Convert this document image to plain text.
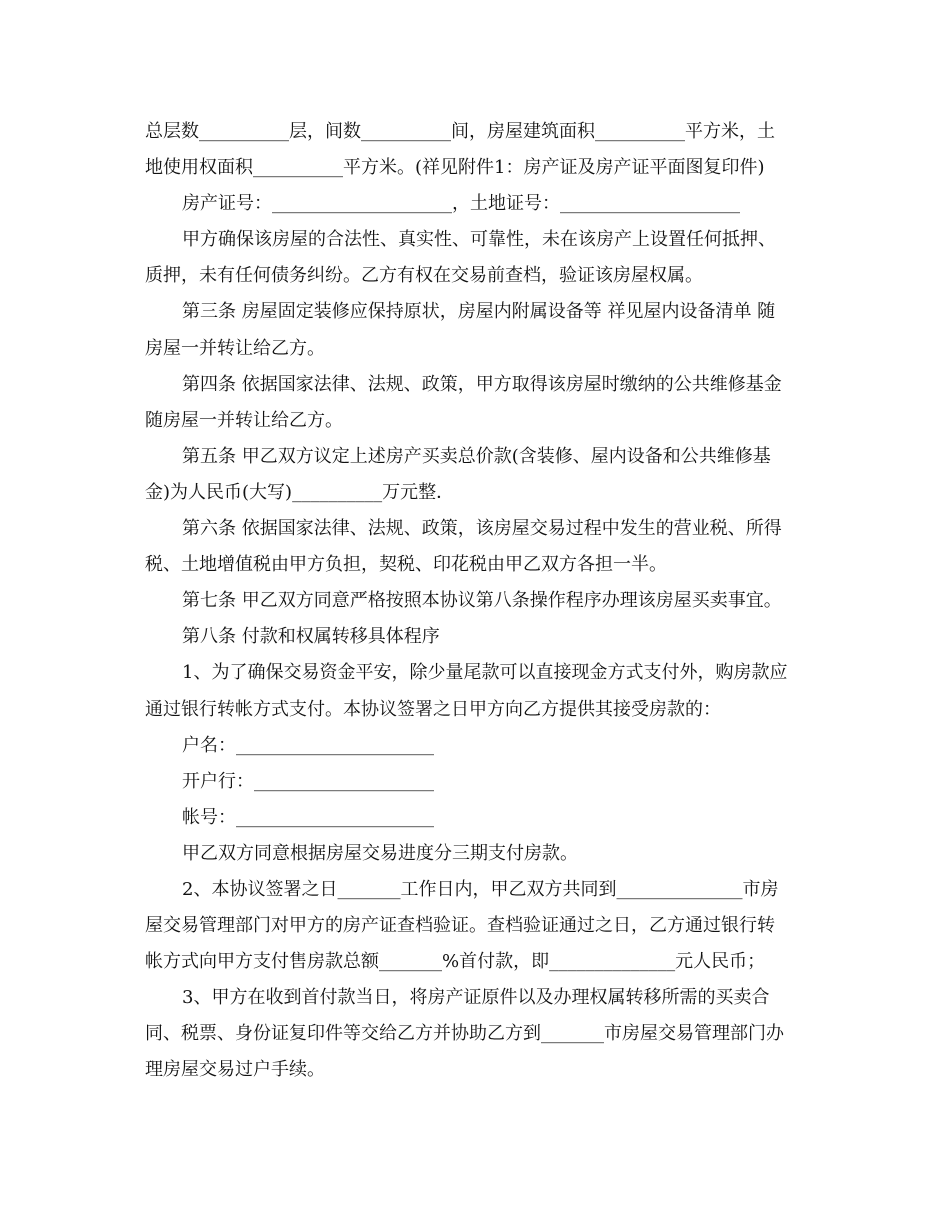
总层数__________层，间数__________间，房屋建筑面积__________平方米，土
地使用权面积__________平方米。(祥见附件1：房产证及房产证平面图复印件)
房产证号：____________________，土地证号：____________________
甲方确保该房屋的合法性、真实性、可靠性，未在该房产上设置任何抵押、
质押，未有任何债务纠纷。乙方有权在交易前查档，验证该房屋权属。
第三条 房屋固定装修应保持原状，房屋内附属设备等 祥见屋内设备清单 随
房屋一并转让给乙方。
第四条 依据国家法律、法规、政策，甲方取得该房屋时缴纳的公共维修基金
随房屋一并转让给乙方。
第五条 甲乙双方议定上述房产买卖总价款(含装修、屋内设备和公共维修基
金)为人民币(大写)__________万元整．
第六条 依据国家法律、法规、政策，该房屋交易过程中发生的营业税、所得
税、土地增值税由甲方负担，契税、印花税由甲乙双方各担一半。
第七条 甲乙双方同意严格按照本协议第八条操作程序办理该房屋买卖事宜。
第八条 付款和权属转移具体程序
1、为了确保交易资金平安，除少量尾款可以直接现金方式支付外，购房款应
通过银行转帐方式支付。本协议签署之日甲方向乙方提供其接受房款的：
户名：______________________
开户行：____________________
帐号：______________________
甲乙双方同意根据房屋交易进度分三期支付房款。
2、本协议签署之日_______工作日内，甲乙双方共同到______________市房
屋交易管理部门对甲方的房产证查档验证。查档验证通过之日，乙方通过银行转
帐方式向甲方支付售房款总额_______%首付款，即______________元人民币；
3、甲方在收到首付款当日，将房产证原件以及办理权属转移所需的买卖合
同、税票、身份证复印件等交给乙方并协助乙方到_______市房屋交易管理部门办
理房屋交易过户手续。
